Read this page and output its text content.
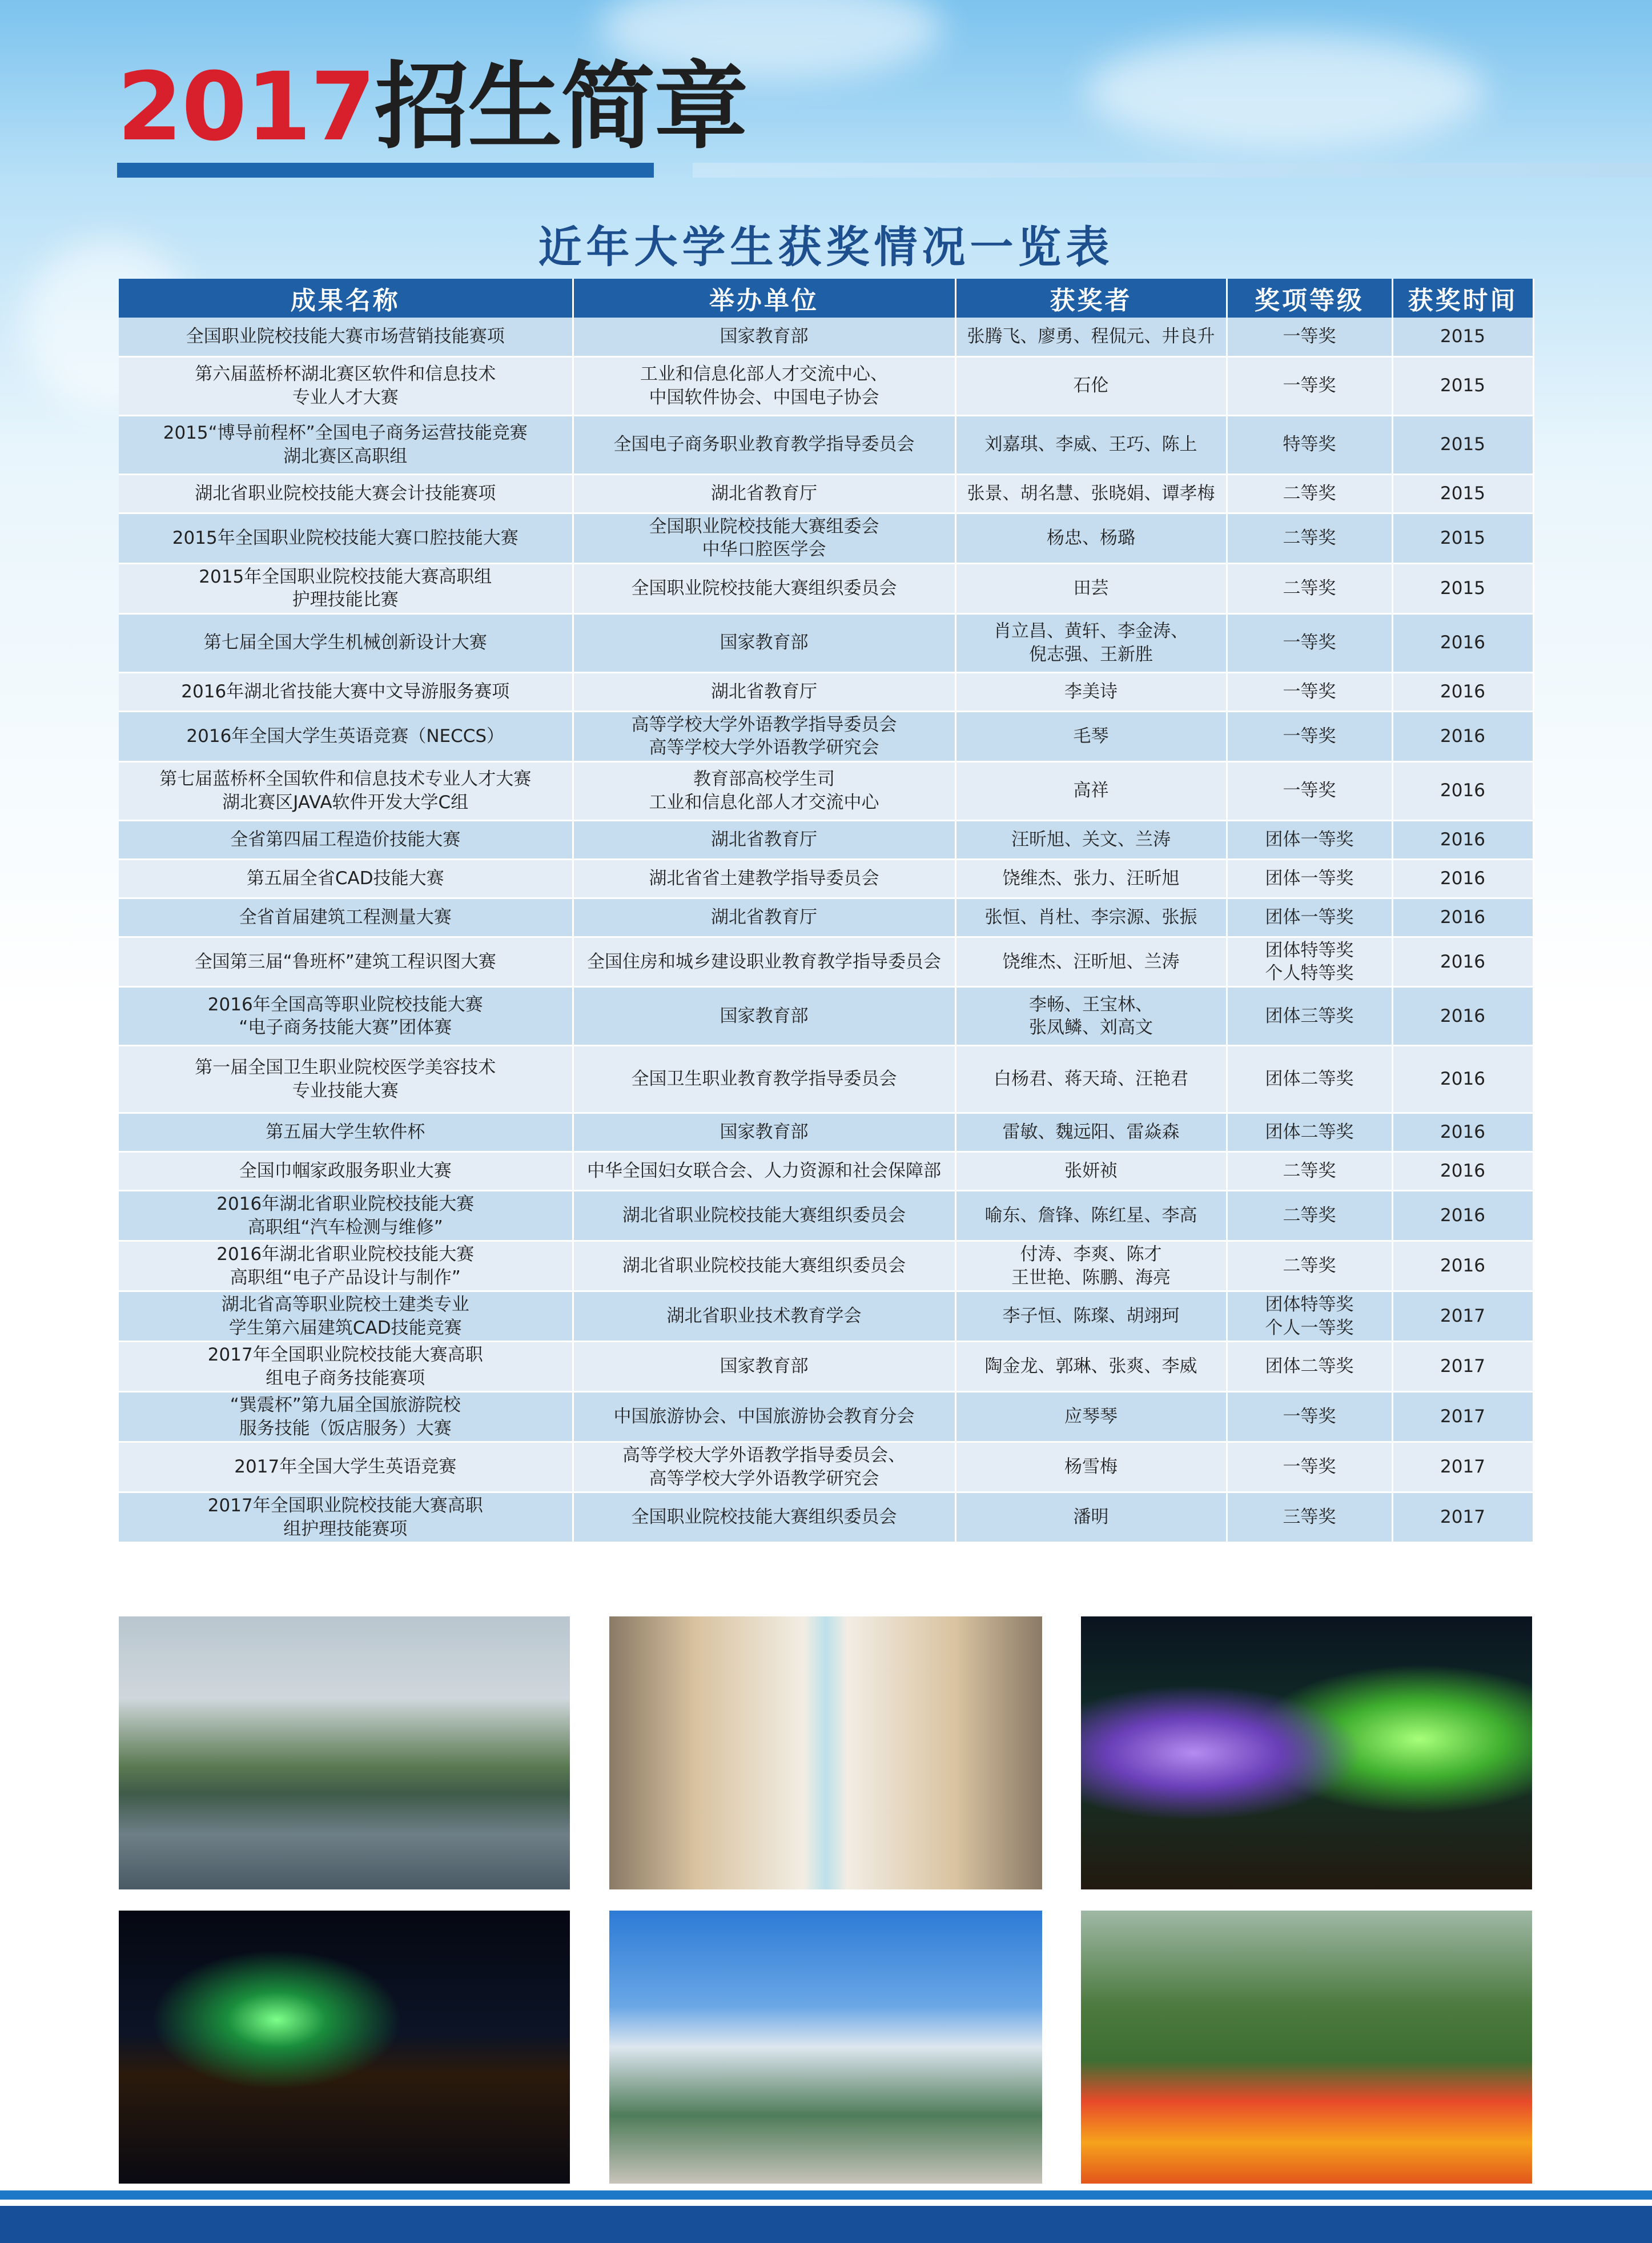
2017招生简章
近年大学生获奖情况一览表
成果名称	举办单位	获奖者	奖项等级	获奖时间
全国职业院校技能大赛市场营销技能赛项	国家教育部	张腾飞、廖勇、程侃元、井良升	一等奖	2015
第六届蓝桥杯湖北赛区软件和信息技术
专业人才大赛	工业和信息化部人才交流中心、
中国软件协会、中国电子协会	石伦	一等奖	2015
2015“博导前程杯”全国电子商务运营技能竞赛
湖北赛区高职组	全国电子商务职业教育教学指导委员会	刘嘉琪、李威、王巧、陈上	特等奖	2015
湖北省职业院校技能大赛会计技能赛项	湖北省教育厅	张景、胡名慧、张晓娟、谭孝梅	二等奖	2015
2015年全国职业院校技能大赛口腔技能大赛	全国职业院校技能大赛组委会
中华口腔医学会	杨忠、杨璐	二等奖	2015
2015年全国职业院校技能大赛高职组
护理技能比赛	全国职业院校技能大赛组织委员会	田芸	二等奖	2015
第七届全国大学生机械创新设计大赛	国家教育部	肖立昌、黄轩、李金涛、
倪志强、王新胜	一等奖	2016
2016年湖北省技能大赛中文导游服务赛项	湖北省教育厅	李美诗	一等奖	2016
2016年全国大学生英语竞赛（NECCS）	高等学校大学外语教学指导委员会
高等学校大学外语教学研究会	毛琴	一等奖	2016
第七届蓝桥杯全国软件和信息技术专业人才大赛
湖北赛区JAVA软件开发大学C组	教育部高校学生司
工业和信息化部人才交流中心	高祥	一等奖	2016
全省第四届工程造价技能大赛	湖北省教育厅	汪昕旭、关文、兰涛	团体一等奖	2016
第五届全省CAD技能大赛	湖北省省土建教学指导委员会	饶维杰、张力、汪昕旭	团体一等奖	2016
全省首届建筑工程测量大赛	湖北省教育厅	张恒、肖杜、李宗源、张振	团体一等奖	2016
全国第三届“鲁班杯”建筑工程识图大赛	全国住房和城乡建设职业教育教学指导委员会	饶维杰、汪昕旭、兰涛	团体特等奖
个人特等奖	2016
2016年全国高等职业院校技能大赛
“电子商务技能大赛”团体赛	国家教育部	李畅、王宝林、
张凤鳞、刘高文	团体三等奖	2016
第一届全国卫生职业院校医学美容技术
专业技能大赛	全国卫生职业教育教学指导委员会	白杨君、蒋天琦、汪艳君	团体二等奖	2016
第五届大学生软件杯	国家教育部	雷敏、魏远阳、雷焱森	团体二等奖	2016
全国巾帼家政服务职业大赛	中华全国妇女联合会、人力资源和社会保障部	张妍祯	二等奖	2016
2016年湖北省职业院校技能大赛
高职组“汽车检测与维修”	湖北省职业院校技能大赛组织委员会	喻东、詹锋、陈红星、李高	二等奖	2016
2016年湖北省职业院校技能大赛
高职组“电子产品设计与制作”	湖北省职业院校技能大赛组织委员会	付涛、李爽、陈才
王世艳、陈鹏、海亮	二等奖	2016
湖北省高等职业院校土建类专业
学生第六届建筑CAD技能竞赛	湖北省职业技术教育学会	李子恒、陈璨、胡翊珂	团体特等奖
个人一等奖	2017
2017年全国职业院校技能大赛高职
组电子商务技能赛项	国家教育部	陶金龙、郭琳、张爽、李威	团体二等奖	2017
“巽震杯”第九届全国旅游院校
服务技能（饭店服务）大赛	中国旅游协会、中国旅游协会教育分会	应琴琴	一等奖	2017
2017年全国大学生英语竞赛	高等学校大学外语教学指导委员会、
高等学校大学外语教学研究会	杨雪梅	一等奖	2017
2017年全国职业院校技能大赛高职
组护理技能赛项	全国职业院校技能大赛组织委员会	潘明	三等奖	2017
